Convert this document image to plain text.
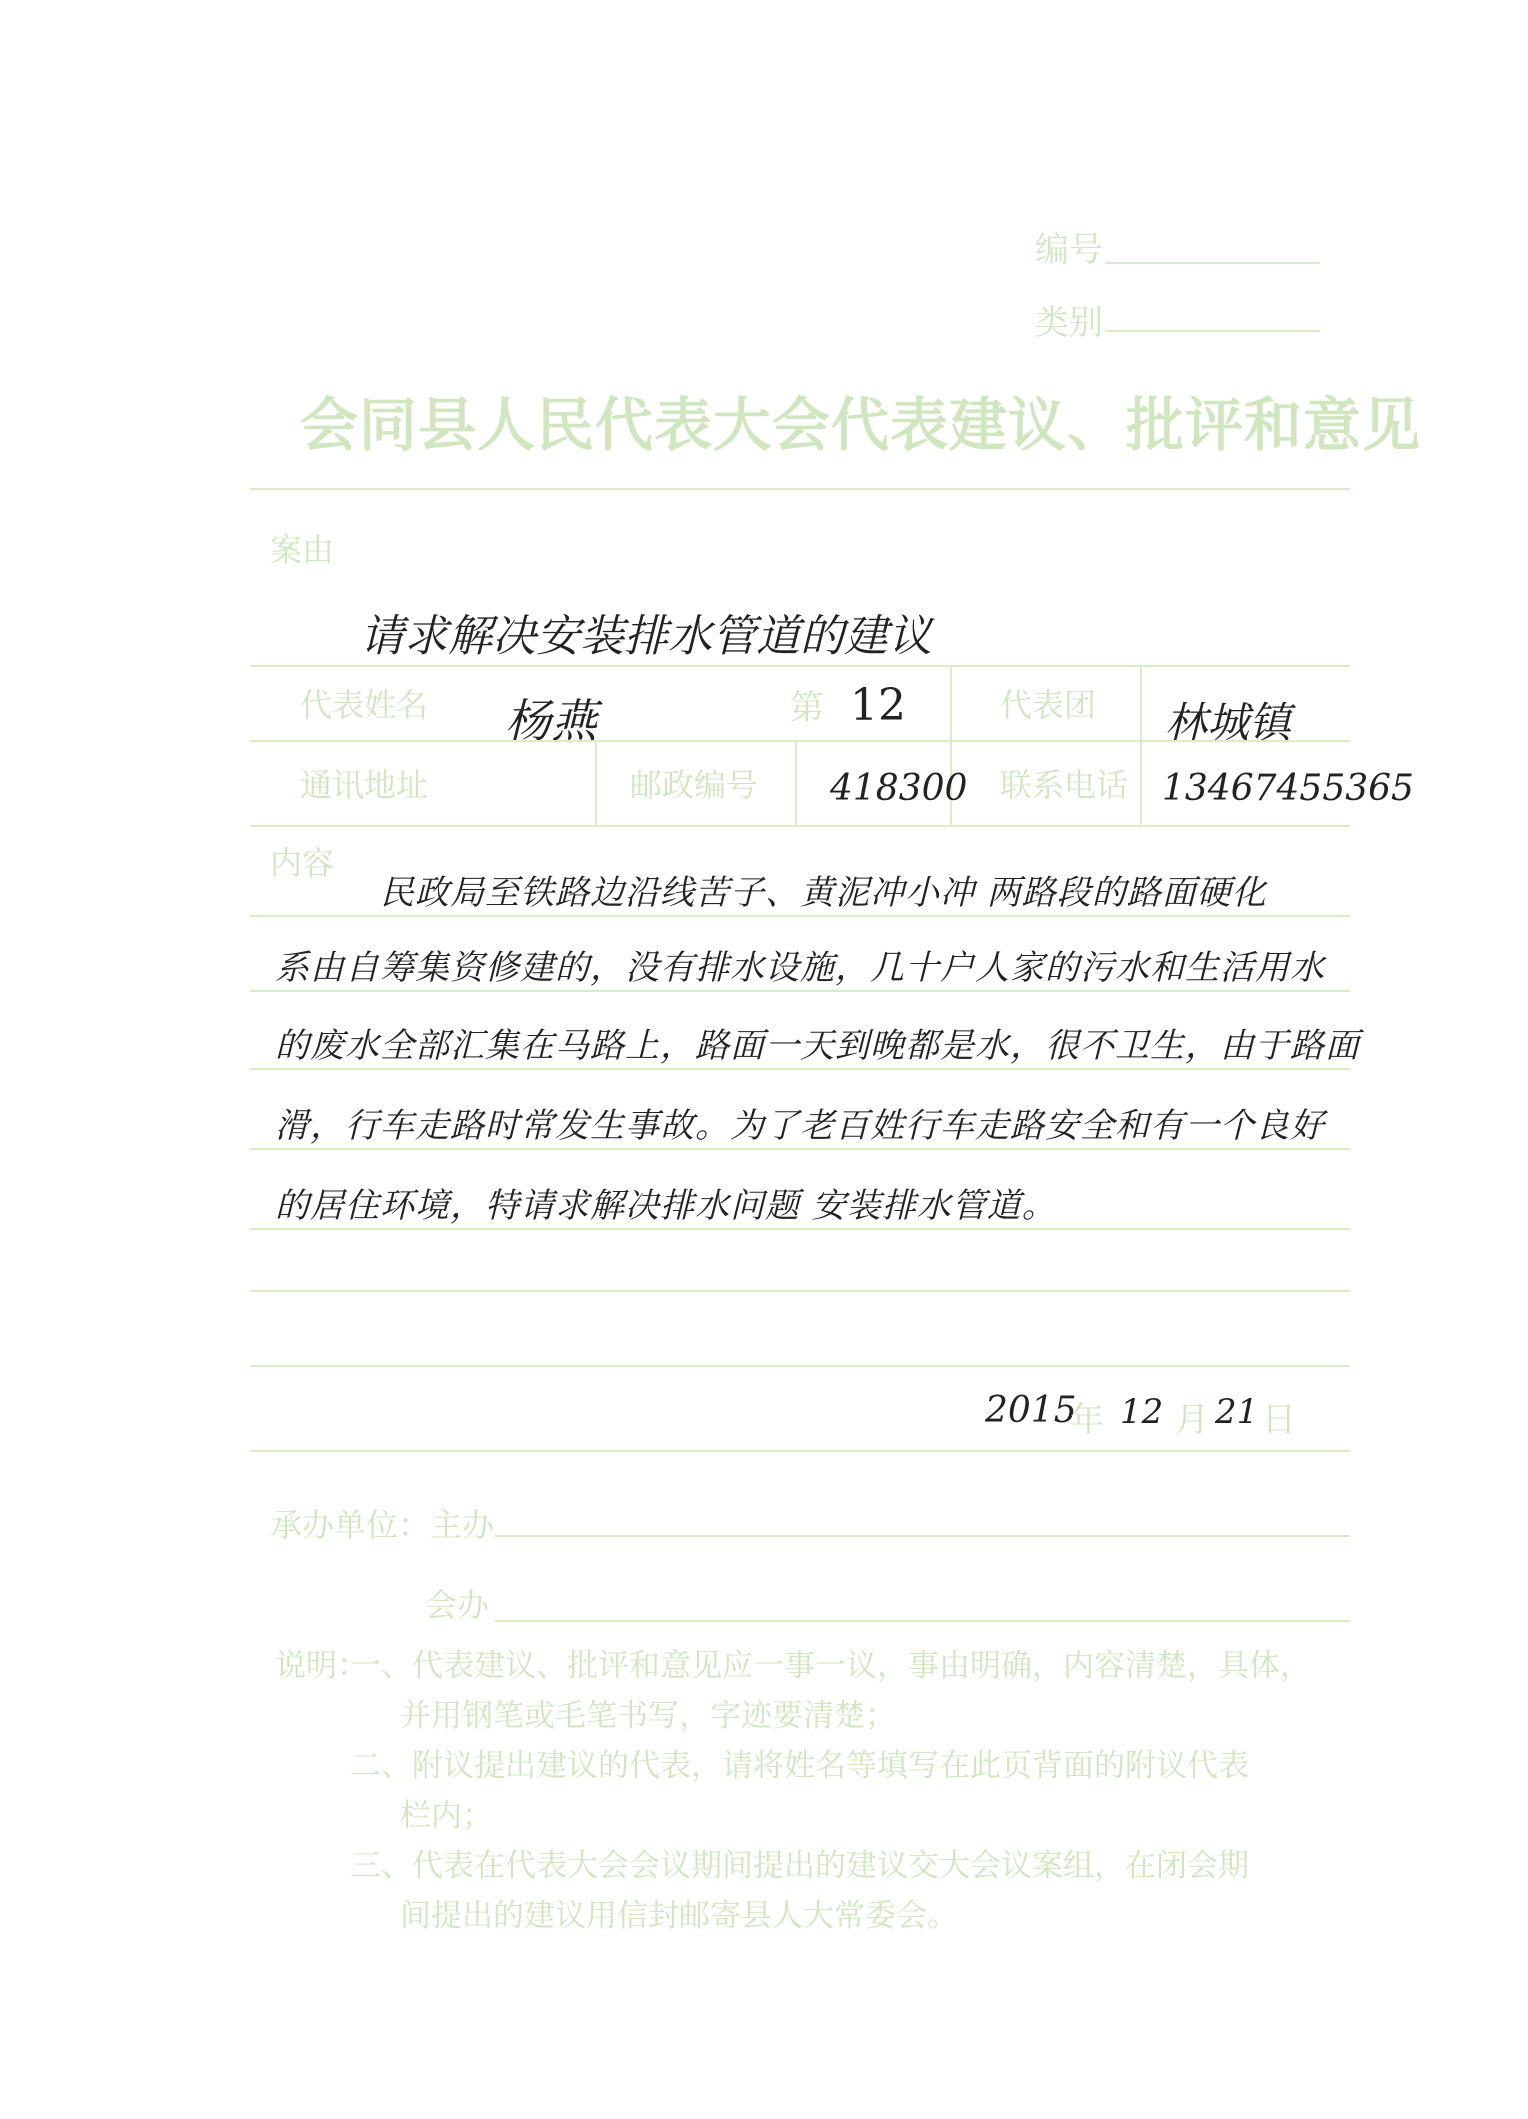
编号
类别
会同县人民代表大会代表建议、批评和意见
案由
请求解决安装排水管道的建议
代表姓名 杨燕	第 12	代表团 林城镇
通讯地址	邮政编号 418300 联系电话 13467455365
内容
民政局至铁路边沿线苦子、黄泥冲小冲 两路段的路面硬化
系由自筹集资修建的，没有排水设施，几十户人家的污水和生活用水
的废水全部汇集在马路上，路面一天到晚都是水，很不卫生，由于路面
滑，行车走路时常发生事故。为了老百姓行车走路安全和有一个良好
的居住环境，特请求解决排水问题 安装排水管道。
2015
年 12 月 21 日
承办单位：主办
会办
说明：
一、代表建议、批评和意见应一事一议，事由明确，内容清楚，具体，
并用钢笔或毛笔书写，字迹要清楚；
二、附议提出建议的代表，请将姓名等填写在此页背面的附议代表
栏内；
三、代表在代表大会会议期间提出的建议交大会议案组，在闭会期
间提出的建议用信封邮寄县人大常委会。
